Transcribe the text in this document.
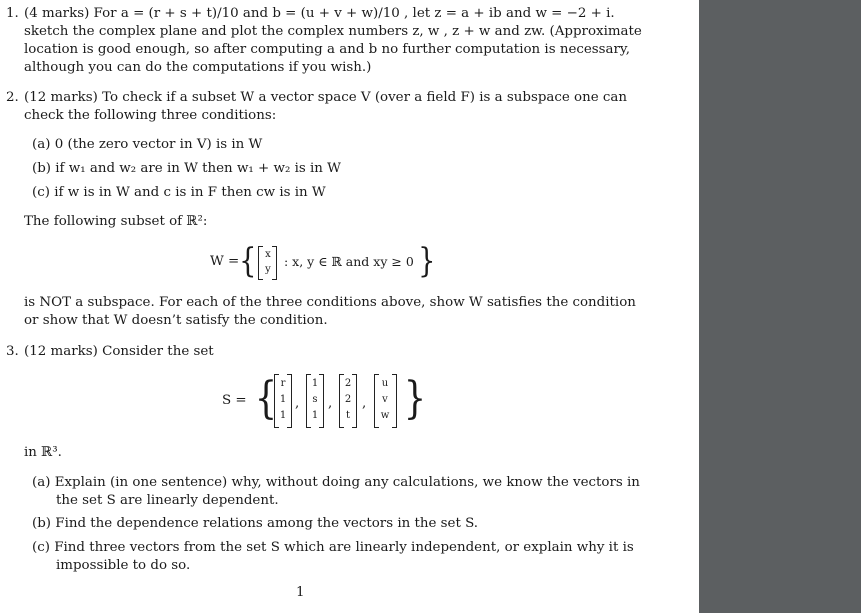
1. (4 marks) For a = (r + s + t)/10 and b = (u + v + w)/10 , let z = a + ib and w = −2 + i.
sketch the complex plane and plot the complex numbers z, w , z + w and zw. (Approximate
location is good enough, so after computing a and b no further computation is necessary,
although you can do the computations if you wish.)
2. (12 marks) To check if a subset W a vector space V (over a field F) is a subspace one can
check the following three conditions:
(a) 0 (the zero vector in V) is in W
(b) if w₁ and w₂ are in W then w₁ + w₂ is in W
(c) if w is in W and c is in F then cw is in W
The following subset of ℝ²:
W = { x
y
: x, y ∈ ℝ and xy ≥ 0 }
is NOT a subspace. For each of the three conditions above, show W satisfies the condition
or show that W doesn’t satisfy the condition.
3. (12 marks) Consider the set
S = { r
1
1
,
1
s
1
,
2
2
t
,
u
v
w }
in ℝ³.
(a) Explain (in one sentence) why, without doing any calculations, we know the vectors in
the set S are linearly dependent.
(b) Find the dependence relations among the vectors in the set S.
(c) Find three vectors from the set S which are linearly independent, or explain why it is
impossible to do so.
1
